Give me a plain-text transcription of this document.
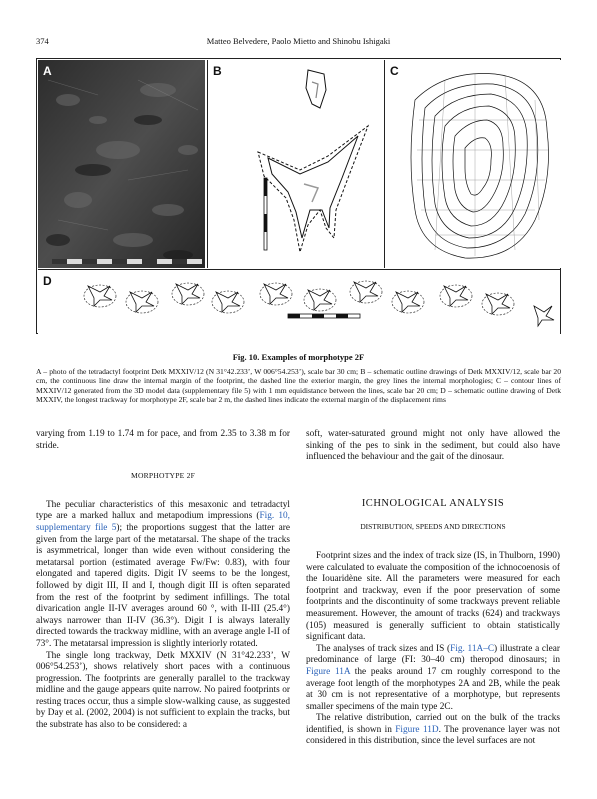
374	Matteo Belvedere, Paolo Mietto and Shinobu Ishigaki
A	B	C
D
Fig. 10. Examples of morphotype 2F
A – photo of the tetradactyl footprint Detk MXXIV/12 (N 31°42.233’, W 006°54.253’), scale bar 30 cm; B – schematic outline drawings of Detk MXXIV/12, scale bar 20 cm, the continuous line draw the internal margin of the footprint, the dashed line the exterior margin, the grey lines the internal morphologies; C – contour lines of MXXIV/12 generated from the 3D model data (supplementary file 5) with 1 mm equidistance between the lines, scale bar 20 cm; D – schematic outline drawing of Detk MXXIV, the longest trackway for morphotype 2F, scale bar 2 m, the dashed lines indicate the external margin of the displacement rims

varying from 1.19 to 1.74 m for pace, and from 2.35 to 3.38 m for stride.

MORPHOTYPE 2F

The peculiar characteristics of this mesaxonic and tetradactyl type are a marked hallux and metapodium impressions (Fig. 10, supplementary file 5); the proportions suggest that the latter are given from the large part of the metatarsal. The shape of the tracks is asymmetrical, longer than wide even without considering the metatarsal portion (estimated average Fw/Fw: 0.83), with four elongated and tapered digits. Digit IV seems to be the longest, followed by digit III, II and I, though digit III is often separated from the rest of the footprint by sediment infillings. The total divarication angle II-IV averages around 60 °, with II-III (25.4°) always narrower than II-IV (36.3°). Digit I is always laterally directed towards the trackway midline, with an average angle I-II of 73°. The metatarsal impression is slightly interiorly rotated.

The single long trackway, Detk MXXIV (N 31°42.233’, W 006°54.253’), shows relatively short paces with a continuous progression. The footprints are generally parallel to the trackway midline and the gauge appears quite narrow. No paired footprints or resting traces occur, thus a simple slow-walking cause, as suggested by Day et al. (2002, 2004) is not sufficient to explain the tracks, but the substrate has also to be considered: a

soft, water-saturated ground might not only have allowed the sinking of the pes to sink in the sediment, but could also have influenced the behaviour and the gait of the dinosaur.

ICHNOLOGICAL ANALYSIS

DISTRIBUTION, SPEEDS AND DIRECTIONS

Footprint sizes and the index of track size (IS, in Thulborn, 1990) were calculated to evaluate the composition of the ichnocoenosis of the Iouaridène site. All the parameters were measured for each footprint and trackway, even if the poor preservation of some footprints and the discontinuity of some trackways prevent reliable measurement. However, the amount of tracks (624) and trackways (105) measured is generally sufficient to obtain statistically significant data.

The analyses of track sizes and IS (Fig. 11A–C) illustrate a clear predominance of large (FI: 30–40 cm) theropod dinosaurs; in Figure 11A the peaks around 17 cm roughly correspond to the average foot length of the morphotypes 2A and 2B, while the peak at 30 cm is not representative of a morphotype, but represents smaller specimens of the main type 2C.

The relative distribution, carried out on the bulk of the tracks identified, is shown in Figure 11D. The provenance layer was not considered in this distribution, since the level surfaces are not
